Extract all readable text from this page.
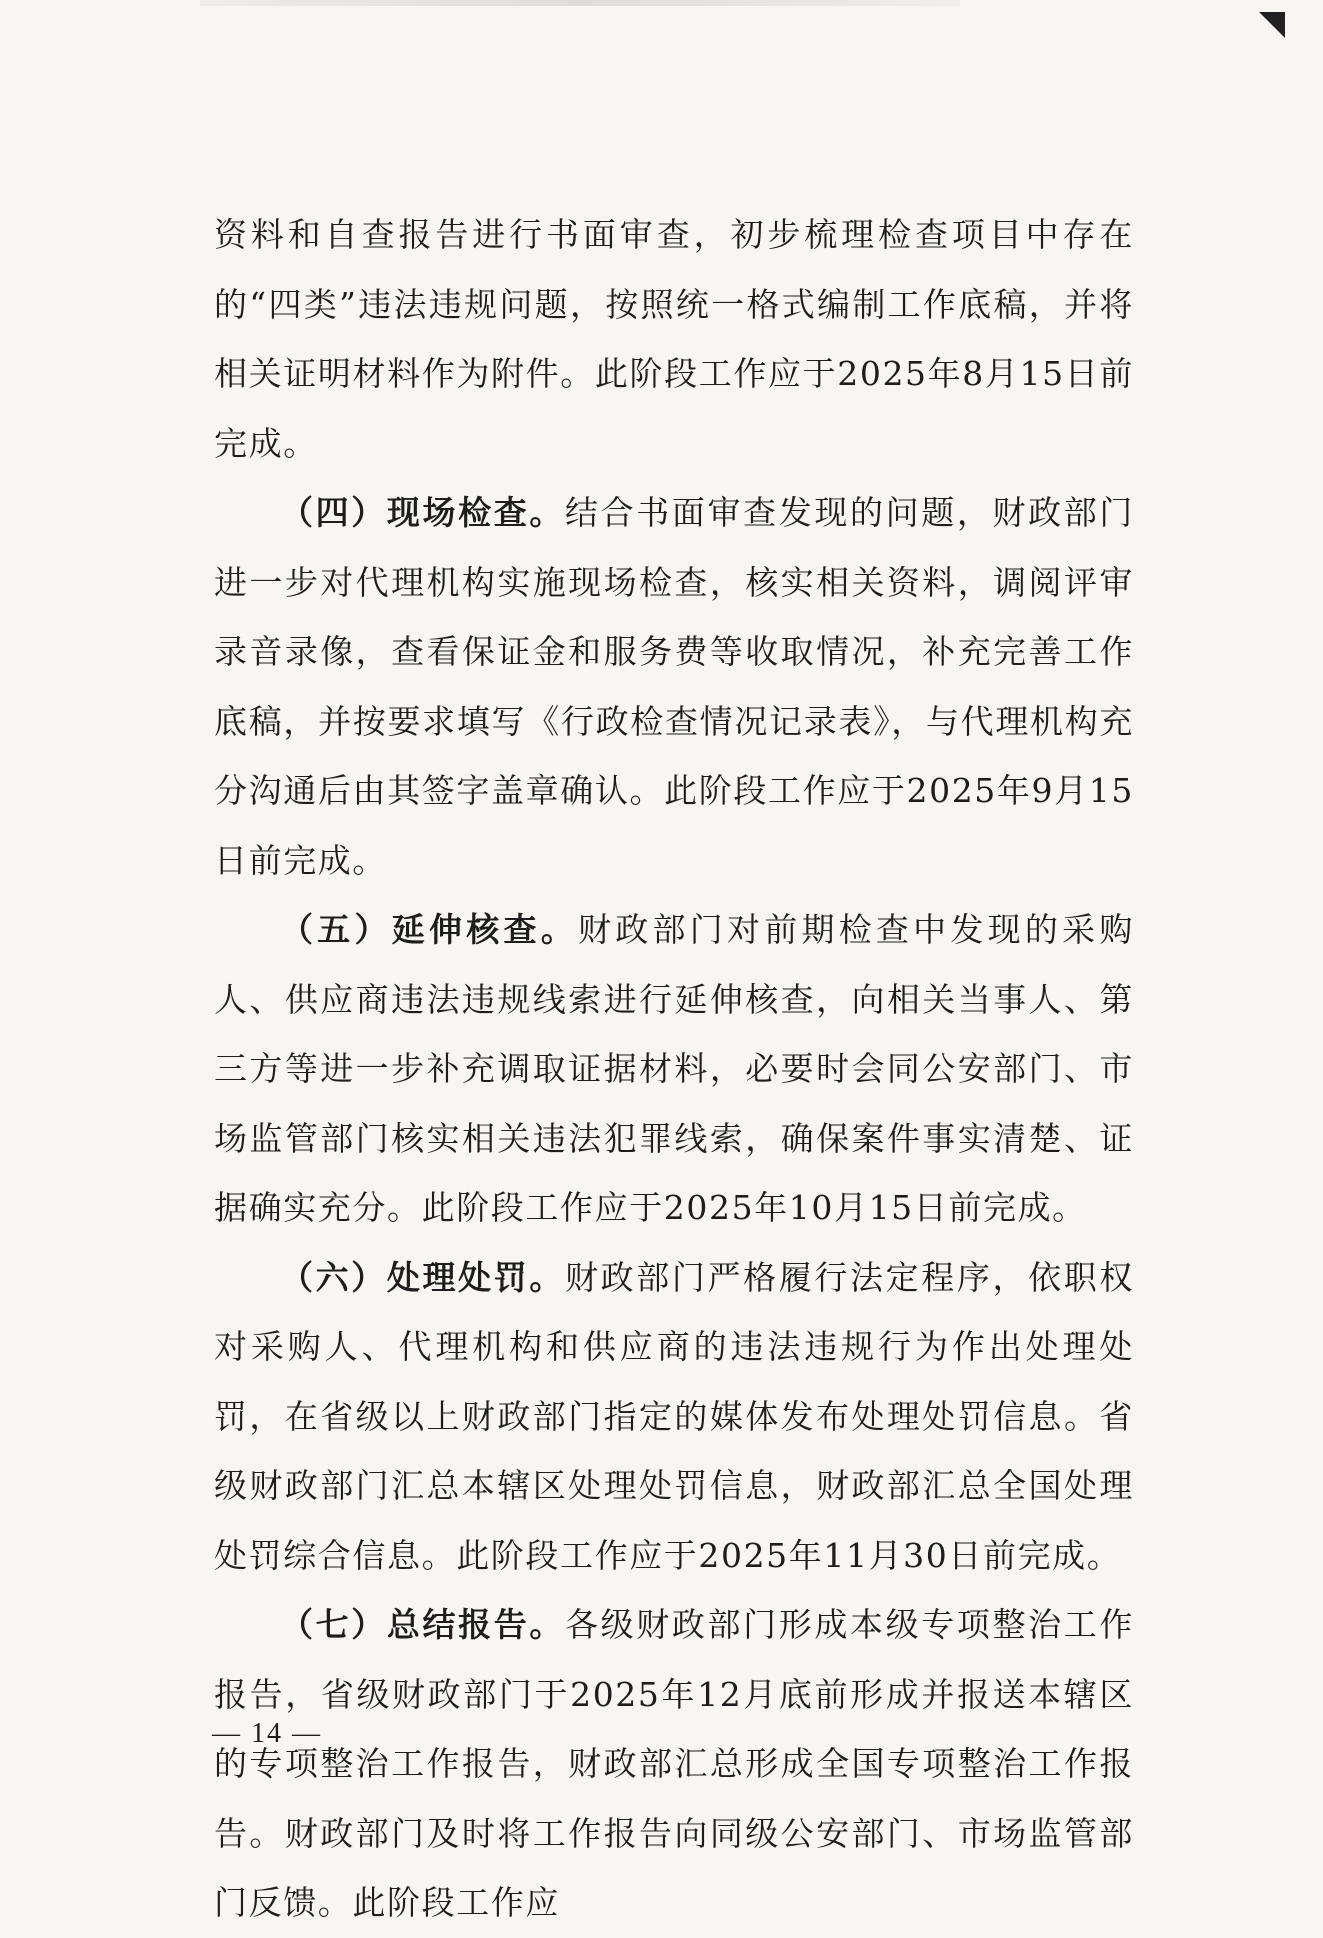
资料和自查报告进行书面审查，初步梳理检查项目中存在的“四类”违法违规问题，按照统一格式编制工作底稿，并将相关证明材料作为附件。此阶段工作应于2025年8月15日前完成。

（四）现场检查。结合书面审查发现的问题，财政部门进一步对代理机构实施现场检查，核实相关资料，调阅评审录音录像，查看保证金和服务费等收取情况，补充完善工作底稿，并按要求填写《行政检查情况记录表》，与代理机构充分沟通后由其签字盖章确认。此阶段工作应于2025年9月15日前完成。

（五）延伸核查。财政部门对前期检查中发现的采购人、供应商违法违规线索进行延伸核查，向相关当事人、第三方等进一步补充调取证据材料，必要时会同公安部门、市场监管部门核实相关违法犯罪线索，确保案件事实清楚、证据确实充分。此阶段工作应于2025年10月15日前完成。

（六）处理处罚。财政部门严格履行法定程序，依职权对采购人、代理机构和供应商的违法违规行为作出处理处罚，在省级以上财政部门指定的媒体发布处理处罚信息。省级财政部门汇总本辖区处理处罚信息，财政部汇总全国处理处罚综合信息。此阶段工作应于2025年11月30日前完成。

（七）总结报告。各级财政部门形成本级专项整治工作报告，省级财政部门于2025年12月底前形成并报送本辖区的专项整治工作报告，财政部汇总形成全国专项整治工作报告。财政部门及时将工作报告向同级公安部门、市场监管部门反馈。此阶段工作应

— 14 —
